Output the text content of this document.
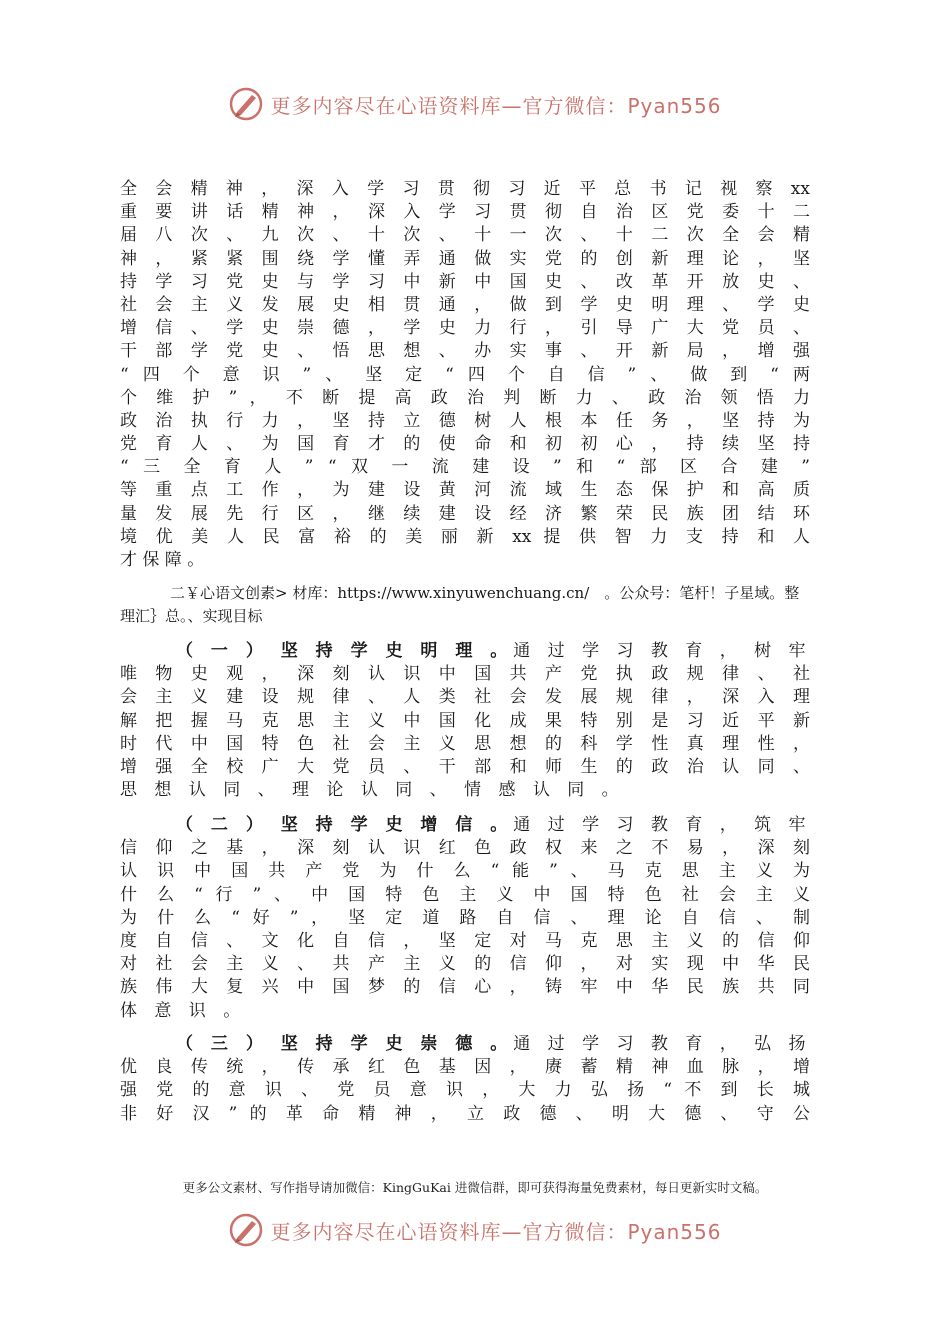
更多内容尽在心语资料库—官方微信：Pyan556
全 会 精 神 ， 深 入 学 习 贯 彻 习 近 平 总 书 记 视 察 xx
重 要 讲 话 精 神 ， 深 入 学 习 贯 彻 自 治 区 党 委 十 二
届 八 次 、 九 次 、 十 次 、 十 一 次 、 十 二 次 全 会 精
神 ， 紧 紧 围 绕 学 懂 弄 通 做 实 党 的 创 新 理 论 ， 坚
持 学 习 党 史 与 学 习 中 新 中 国 史 、 改 革 开 放 史 、
社 会 主 义 发 展 史 相 贯 通 ， 做 到 学 史 明 理 、 学 史
增 信 、 学 史 崇 德 ， 学 史 力 行 ， 引 导 广 大 党 员 、
干 部 学 党 史 、 悟 思 想 、 办 实 事 、 开 新 局 ， 增 强
“ 四 个 意 识 ” 、 坚 定 “ 四 个 自 信 ” 、 做 到 “ 两
个 维 护 ” ， 不 断 提 高 政 治 判 断 力 、 政 治 领 悟 力
政 治 执 行 力 ， 坚 持 立 德 树 人 根 本 任 务 ， 坚 持 为
党 育 人 、 为 国 育 才 的 使 命 和 初 初 心 ， 持 续 坚 持
“ 三 全 育 人 ” “ 双 一 流 建 设 ” 和 “ 部 区 合 建 ”
等 重 点 工 作 ， 为 建 设 黄 河 流 域 生 态 保 护 和 高 质
量 发 展 先 行 区 ， 继 续 建 设 经 济 繁 荣 民 族 团 结 环
境 优 美 人 民 富 裕 的 美 丽 新 xx 提 供 智 力 支 持 和 人
才 保 障 。
二￥心语文创素> 材库：https://www.xinyuwenchuang.cn/　。公众号：笔杆！子星域。整
理汇｝总。、实现目标
（ 一 ） 坚 持 学 史 明 理 。 通 过 学 习 教 育 ， 树 牢
唯 物 史 观 ， 深 刻 认 识 中 国 共 产 党 执 政 规 律 、 社
会 主 义 建 设 规 律 、 人 类 社 会 发 展 规 律 ， 深 入 理
解 把 握 马 克 思 主 义 中 国 化 成 果 特 别 是 习 近 平 新
时 代 中 国 特 色 社 会 主 义 思 想 的 科 学 性 真 理 性 ，
增 强 全 校 广 大 党 员 、 干 部 和 师 生 的 政 治 认 同 、
思 想 认 同 、 理 论 认 同 、 情 感 认 同 。
（ 二 ） 坚 持 学 史 增 信 。 通 过 学 习 教 育 ， 筑 牢
信 仰 之 基 ， 深 刻 认 识 红 色 政 权 来 之 不 易 ， 深 刻
认 识 中 国 共 产 党 为 什 么 “ 能 ” 、 马 克 思 主 义 为
什 么 “ 行 ” 、 中 国 特 色 主 义 中 国 特 色 社 会 主 义
为 什 么 “ 好 ” ， 坚 定 道 路 自 信 、 理 论 自 信 、 制
度 自 信 、 文 化 自 信 ， 坚 定 对 马 克 思 主 义 的 信 仰
对 社 会 主 义 、 共 产 主 义 的 信 仰 ， 对 实 现 中 华 民
族 伟 大 复 兴 中 国 梦 的 信 心 ， 铸 牢 中 华 民 族 共 同
体 意 识 。
（ 三 ） 坚 持 学 史 崇 德 。 通 过 学 习 教 育 ， 弘 扬
优 良 传 统 ， 传 承 红 色 基 因 ， 赓 蓄 精 神 血 脉 ， 增
强 党 的 意 识 、 党 员 意 识 ， 大 力 弘 扬 “ 不 到 长 城
非 好 汉 ” 的 革 命 精 神 ， 立 政 德 、 明 大 德 、 守 公
更多公文素材、写作指导请加微信：KingGuKai 进微信群，即可获得海量免费素材，每日更新实时文稿。
更多内容尽在心语资料库—官方微信：Pyan556
